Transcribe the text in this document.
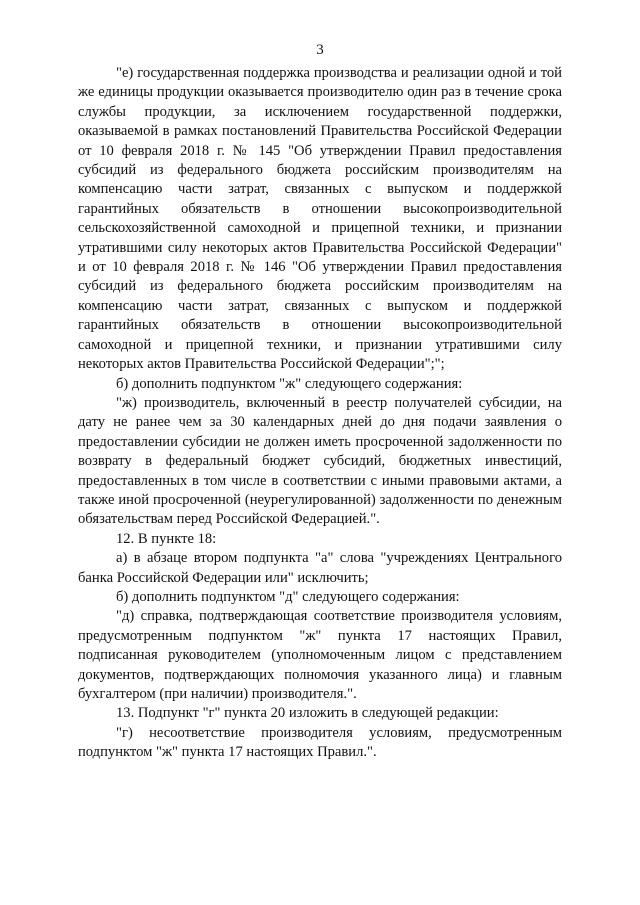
3

"е) государственная поддержка производства и реализации одной и той же единицы продукции оказывается производителю один раз в течение срока службы продукции, за исключением государственной поддержки, оказываемой в рамках постановлений Правительства Российской Федерации от 10 февраля 2018 г. № 145 "Об утверждении Правил предоставления субсидий из федерального бюджета российским производителям на компенсацию части затрат, связанных с выпуском и поддержкой гарантийных обязательств в отношении высокопроизводительной сельскохозяйственной самоходной и прицепной техники, и признании утратившими силу некоторых актов Правительства Российской Федерации" и от 10 февраля 2018 г. № 146 "Об утверждении Правил предоставления субсидий из федерального бюджета российским производителям на компенсацию части затрат, связанных с выпуском и поддержкой гарантийных обязательств в отношении высокопроизводительной самоходной и прицепной техники, и признании утратившими силу некоторых актов Правительства Российской Федерации";";

б) дополнить подпунктом "ж" следующего содержания:

"ж) производитель, включенный в реестр получателей субсидии, на дату не ранее чем за 30 календарных дней до дня подачи заявления о предоставлении субсидии не должен иметь просроченной задолженности по возврату в федеральный бюджет субсидий, бюджетных инвестиций, предоставленных в том числе в соответствии с иными правовыми актами, а также иной просроченной (неурегулированной) задолженности по денежным обязательствам перед Российской Федерацией.".

12. В пункте 18:

а) в абзаце втором подпункта "а" слова "учреждениях Центрального банка Российской Федерации или" исключить;

б) дополнить подпунктом "д" следующего содержания:

"д) справка, подтверждающая соответствие производителя условиям, предусмотренным подпунктом "ж" пункта 17 настоящих Правил, подписанная руководителем (уполномоченным лицом с представлением документов, подтверждающих полномочия указанного лица) и главным бухгалтером (при наличии) производителя.".

13. Подпункт "г" пункта 20 изложить в следующей редакции:

"г) несоответствие производителя условиям, предусмотренным подпунктом "ж" пункта 17 настоящих Правил.".
